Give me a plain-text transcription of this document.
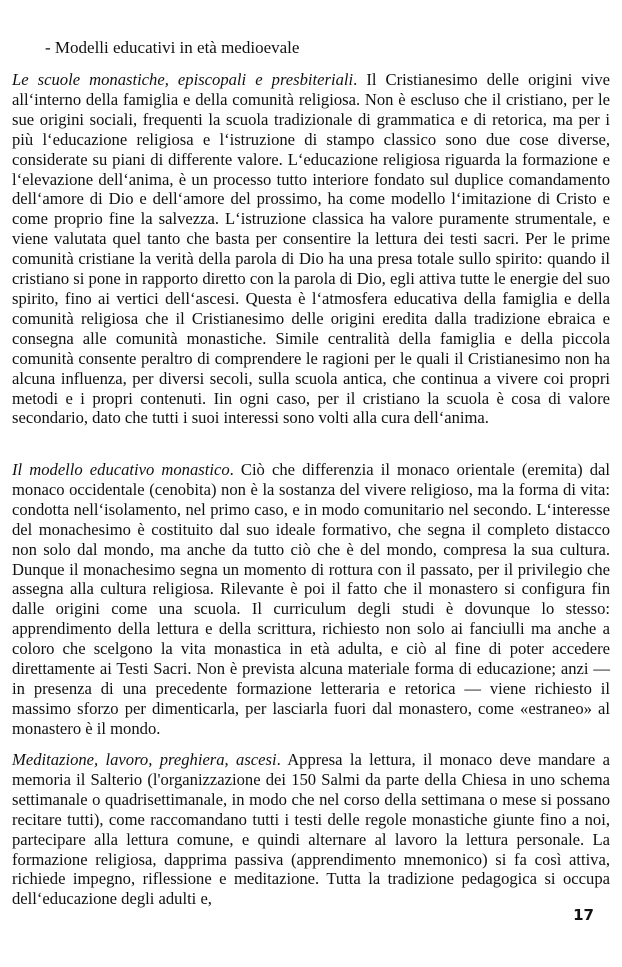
- Modelli educativi in età medioevale

Le scuole monastiche, episcopali e presbiteriali. Il Cristianesimo delle origini vive all‘interno della famiglia e della comunità religiosa. Non è escluso che il cristiano, per le sue origini sociali, frequenti la scuola tradizionale di grammatica e di retorica, ma per i più l‘educazione religiosa e l‘istruzione di stampo classico sono due cose diverse, considerate su piani di differente valore. L‘educazione religiosa riguarda la formazione e l‘elevazione dell‘anima, è un processo tutto interiore fondato sul duplice comandamento dell‘amore di Dio e dell‘amore del prossimo, ha come modello l‘imitazione di Cristo e come proprio fine la salvezza. L‘istruzione classica ha valore puramente strumentale, e viene valutata quel tanto che basta per consentire la lettura dei testi sacri. Per le prime comunità cristiane la verità della parola di Dio ha una presa totale sullo spirito: quando il cristiano si pone in rapporto diretto con la parola di Dio, egli attiva tutte le energie del suo spirito, fino ai vertici dell‘ascesi. Questa è l‘atmosfera educativa della famiglia e della comunità religiosa che il Cristianesimo delle origini eredita dalla tradizione ebraica e consegna alle comunità monastiche. Simile centralità della famiglia e della piccola comunità consente peraltro di comprendere le ragioni per le quali il Cristianesimo non ha alcuna influenza, per diversi secoli, sulla scuola antica, che continua a vivere coi propri metodi e i propri contenuti. Iin ogni caso, per il cristiano la scuola è cosa di valore secondario, dato che tutti i suoi interessi sono volti alla cura dell‘anima.

Il modello educativo monastico. Ciò che differenzia il monaco orientale (eremita) dal monaco occidentale (cenobita) non è la sostanza del vivere religioso, ma la forma di vita: condotta nell‘isolamento, nel primo caso, e in modo comunitario nel secondo. L‘interesse del monachesimo è costituito dal suo ideale formativo, che segna il completo distacco non solo dal mondo, ma anche da tutto ciò che è del mondo, compresa la sua cultura. Dunque il monachesimo segna un momento di rottura con il passato, per il privilegio che assegna alla cultura religiosa. Rilevante è poi il fatto che il monastero si configura fin dalle origini come una scuola. Il curriculum degli studi è dovunque lo stesso: apprendimento della lettura e della scrittura, richiesto non solo ai fanciulli ma anche a coloro che scelgono la vita monastica in età adulta, e ciò al fine di poter accedere direttamente ai Testi Sacri. Non è prevista alcuna materiale forma di educazione; anzi — in presenza di una precedente formazione letteraria e retorica — viene richiesto il massimo sforzo per dimenticarla, per lasciarla fuori dal monastero, come «estraneo» al monastero è il mondo.

Meditazione, lavoro, preghiera, ascesi. Appresa la lettura, il monaco deve mandare a memoria il Salterio (l'organizzazione dei 150 Salmi da parte della Chiesa in uno schema settimanale o quadrisettimanale, in modo che nel corso della settimana o mese si possano recitare tutti), come raccomandano tutti i testi delle regole monastiche giunte fino a noi, partecipare alla lettura comune, e quindi alternare al lavoro la lettura personale. La formazione religiosa, dapprima passiva (apprendimento mnemonico) si fa così attiva, richiede impegno, riflessione e meditazione. Tutta la tradizione pedagogica si occupa dell‘educazione degli adulti e,

17
